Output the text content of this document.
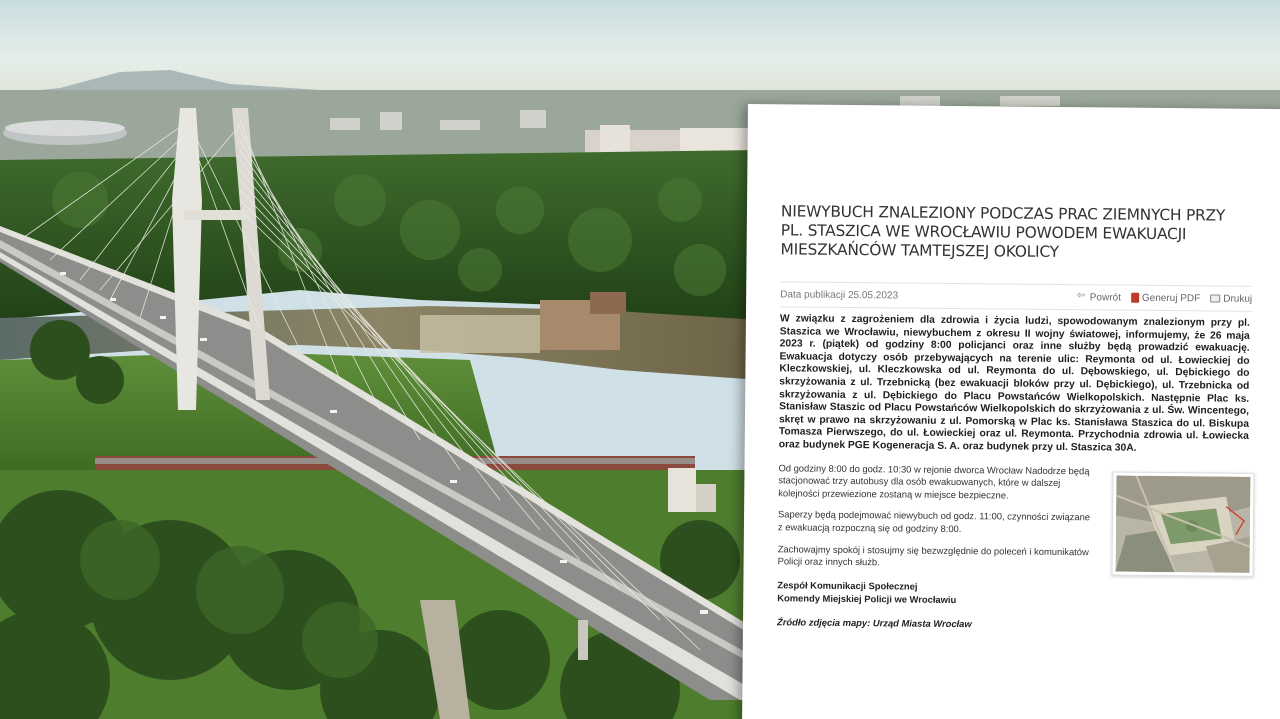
NIEWYBUCH ZNALEZIONY PODCZAS PRAC ZIEMNYCH PRZY PL. STASZICA WE WROCŁAWIU POWODEM EWAKUACJI MIESZKAŃCÓW TAMTEJSZEJ OKOLICY
Data publikacji 25.05.2023
⇦	Powrót Generuj PDF Drukuj

W związku z zagrożeniem dla zdrowia i życia ludzi, spowodowanym znalezionym przy pl. Staszica we Wrocławiu, niewybuchem z okresu II wojny światowej, informujemy, że 26 maja 2023 r. (piątek) od godziny 8:00 policjanci oraz inne służby będą prowadzić ewakuację. Ewakuacja dotyczy osób przebywających na terenie ulic: Reymonta od ul. Łowieckiej do Kleczkowskiej, ul. Kleczkowska od ul. Reymonta do ul. Dębowskiego, ul. Dębickiego do skrzyżowania z ul. Trzebnicką (bez ewakuacji bloków przy ul. Dębickiego), ul. Trzebnicka od skrzyżowania z ul. Dębickiego do Placu Powstańców Wielkopolskich. Następnie Plac ks. Stanisław Staszic od Placu Powstańców Wielkopolskich do skrzyżowania z ul. Św. Wincentego, skręt w prawo na skrzyżowaniu z ul. Pomorską w Plac ks. Stanisława Staszica do ul. Biskupa Tomasza Pierwszego, do ul. Łowieckiej oraz ul. Reymonta. Przychodnia zdrowia ul. Łowiecka oraz budynek PGE Kogeneracja S. A. oraz budynek przy ul. Staszica 30A.

Od godziny 8:00 do godz. 10:30 w rejonie dworca Wrocław Nadodrze będą stacjonować trzy autobusy dla osób ewakuowanych, które w dalszej kolejności przewiezione zostaną w miejsce bezpieczne.

Saperzy będą podejmować niewybuch od godz. 11:00, czynności związane z ewakuacją rozpoczną się od godziny 8:00.

Zachowajmy spokój i stosujmy się bezwzględnie do poleceń i komunikatów Policji oraz innych służb.

Zespół Komunikacji Społecznej
Komendy Miejskiej Policji we Wrocławiu
Źródło zdjęcia mapy: Urząd Miasta Wrocław
